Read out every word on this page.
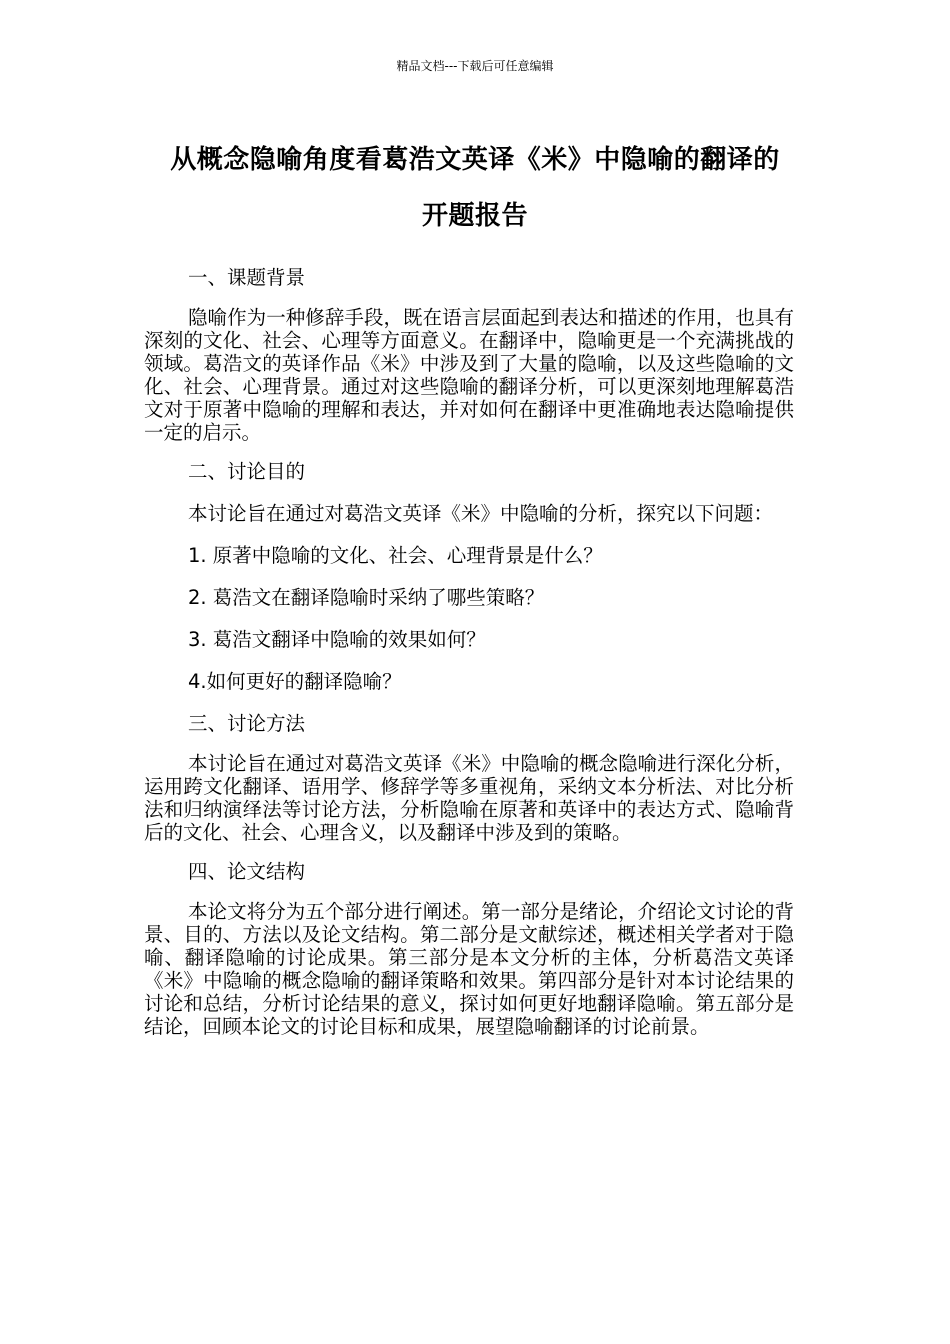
精品文档---下载后可任意编辑
从概念隐喻角度看葛浩文英译《米》中隐喻的翻译的
开题报告
一、课题背景
隐喻作为一种修辞手段，既在语言层面起到表达和描述的作用，也具有深刻的文化、社会、心理等方面意义。在翻译中，隐喻更是一个充满挑战的领域。葛浩文的英译作品《米》中涉及到了大量的隐喻，以及这些隐喻的文化、社会、心理背景。通过对这些隐喻的翻译分析，可以更深刻地理解葛浩文对于原著中隐喻的理解和表达，并对如何在翻译中更准确地表达隐喻提供一定的启示。
二、讨论目的
本讨论旨在通过对葛浩文英译《米》中隐喻的分析，探究以下问题：
1. 原著中隐喻的文化、社会、心理背景是什么？
2. 葛浩文在翻译隐喻时采纳了哪些策略？
3. 葛浩文翻译中隐喻的效果如何？
4.如何更好的翻译隐喻？
三、讨论方法
本讨论旨在通过对葛浩文英译《米》中隐喻的概念隐喻进行深化分析，运用跨文化翻译、语用学、修辞学等多重视角，采纳文本分析法、对比分析法和归纳演绎法等讨论方法，分析隐喻在原著和英译中的表达方式、隐喻背后的文化、社会、心理含义，以及翻译中涉及到的策略。
四、论文结构
本论文将分为五个部分进行阐述。第一部分是绪论，介绍论文讨论的背景、目的、方法以及论文结构。第二部分是文献综述，概述相关学者对于隐喻、翻译隐喻的讨论成果。第三部分是本文分析的主体，分析葛浩文英译《米》中隐喻的概念隐喻的翻译策略和效果。第四部分是针对本讨论结果的讨论和总结，分析讨论结果的意义，探讨如何更好地翻译隐喻。第五部分是结论，回顾本论文的讨论目标和成果，展望隐喻翻译的讨论前景。
